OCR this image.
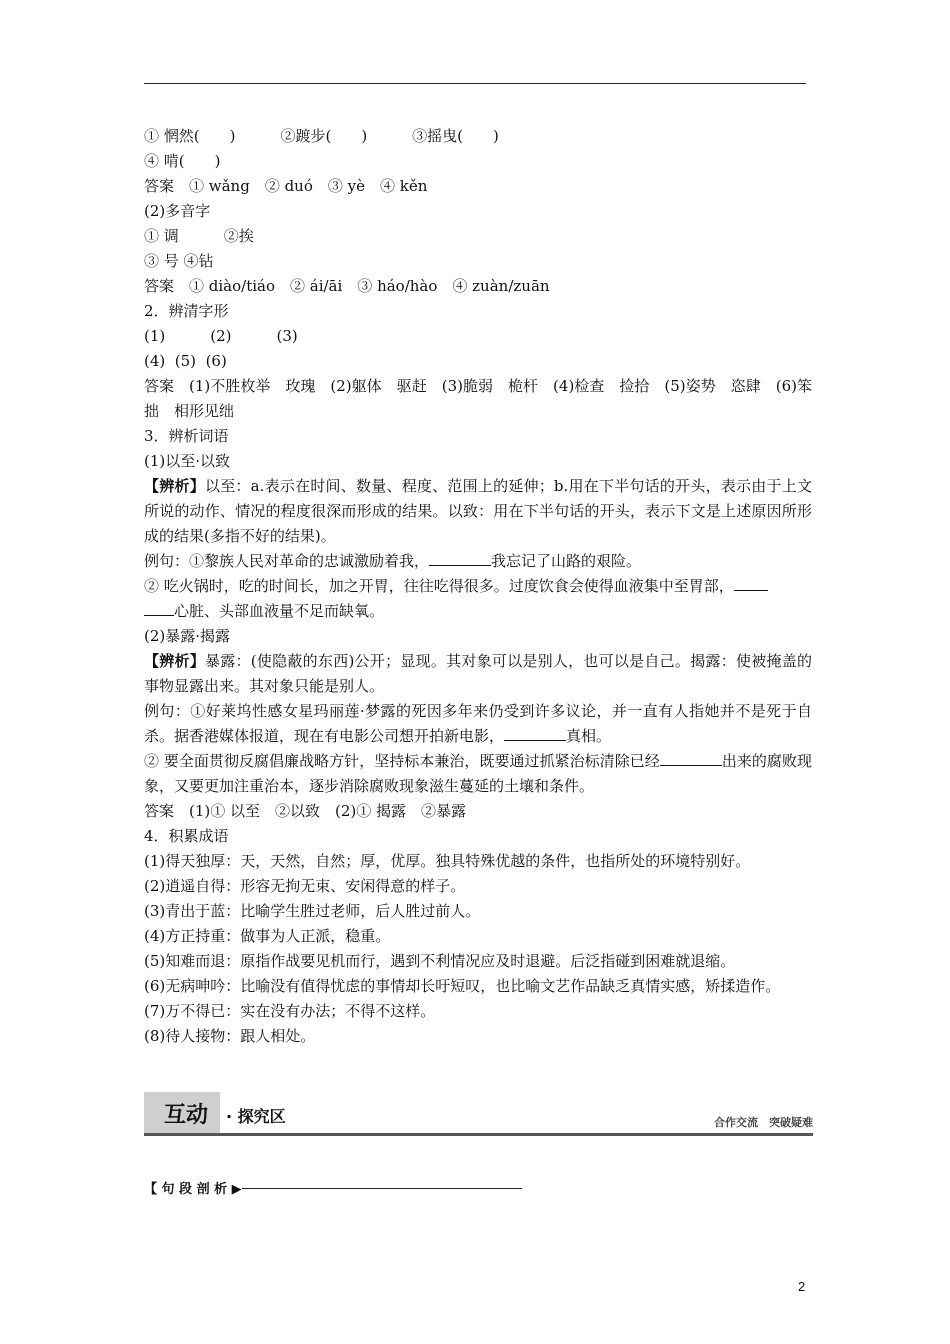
① 惘然(　　)　　　②踱步(　　)　　　③摇曳(　　)
④ 啃(　　)
答案　① wǎng　② duó　③ yè　④ kěn
(2)多音字
① 调　　　②挨
③ 号 ④钻
答案　① diào/tiáo　② ái/āi　③ háo/hào　④ zuàn/zuān
2．辨清字形
(1)　　　(2)　　　(3)
(4)  (5)  (6)
答案　(1)不胜枚举　玫瑰　(2)躯体　驱赶　(3)脆弱　桅杆　(4)检查　捡拾　(5)姿势　恣肆　(6)笨拙　相形见绌
3．辨析词语
(1)以至·以致
【辨析】以至：a.表示在时间、数量、程度、范围上的延伸；b.用在下半句话的开头，表示由于上文所说的动作、情况的程度很深而形成的结果。以致：用在下半句话的开头，表示下文是上述原因所形成的结果(多指不好的结果)。
例句：①黎族人民对革命的忠诚激励着我，	我忘记了山路的艰险。
② 吃火锅时，吃的时间长，加之开胃，往往吃得很多。过度饮食会使得血液集中至胃部，
心脏、头部血液量不足而缺氧。
(2)暴露·揭露
【辨析】暴露：(使隐蔽的东西)公开；显现。其对象可以是别人，也可以是自己。揭露：使被掩盖的事物显露出来。其对象只能是别人。
例句：①好莱坞性感女星玛丽莲·梦露的死因多年来仍受到许多议论，并一直有人指她并不是死于自杀。据香港媒体报道，现在有电影公司想开拍新电影，	真相。
② 要全面贯彻反腐倡廉战略方针，坚持标本兼治，既要通过抓紧治标清除已经	出来的腐败现象，又要更加注重治本，逐步消除腐败现象滋生蔓延的土壤和条件。
答案　(1)① 以至　②以致　(2)① 揭露　②暴露
4．积累成语
(1)得天独厚：天，天然，自然；厚，优厚。独具特殊优越的条件，也指所处的环境特别好。
(2)逍遥自得：形容无拘无束、安闲得意的样子。
(3)青出于蓝：比喻学生胜过老师，后人胜过前人。
(4)方正持重：做事为人正派，稳重。
(5)知难而退：原指作战要见机而行，遇到不利情况应及时退避。后泛指碰到困难就退缩。
(6)无病呻吟：比喻没有值得忧虑的事情却长吁短叹，也比喻文艺作品缺乏真情实感，矫揉造作。
(7)万不得已：实在没有办法；不得不这样。
(8)待人接物：跟人相处。
互动 · 探究区	合作交流　突破疑难
【 句 段 剖 析 ▶
2
